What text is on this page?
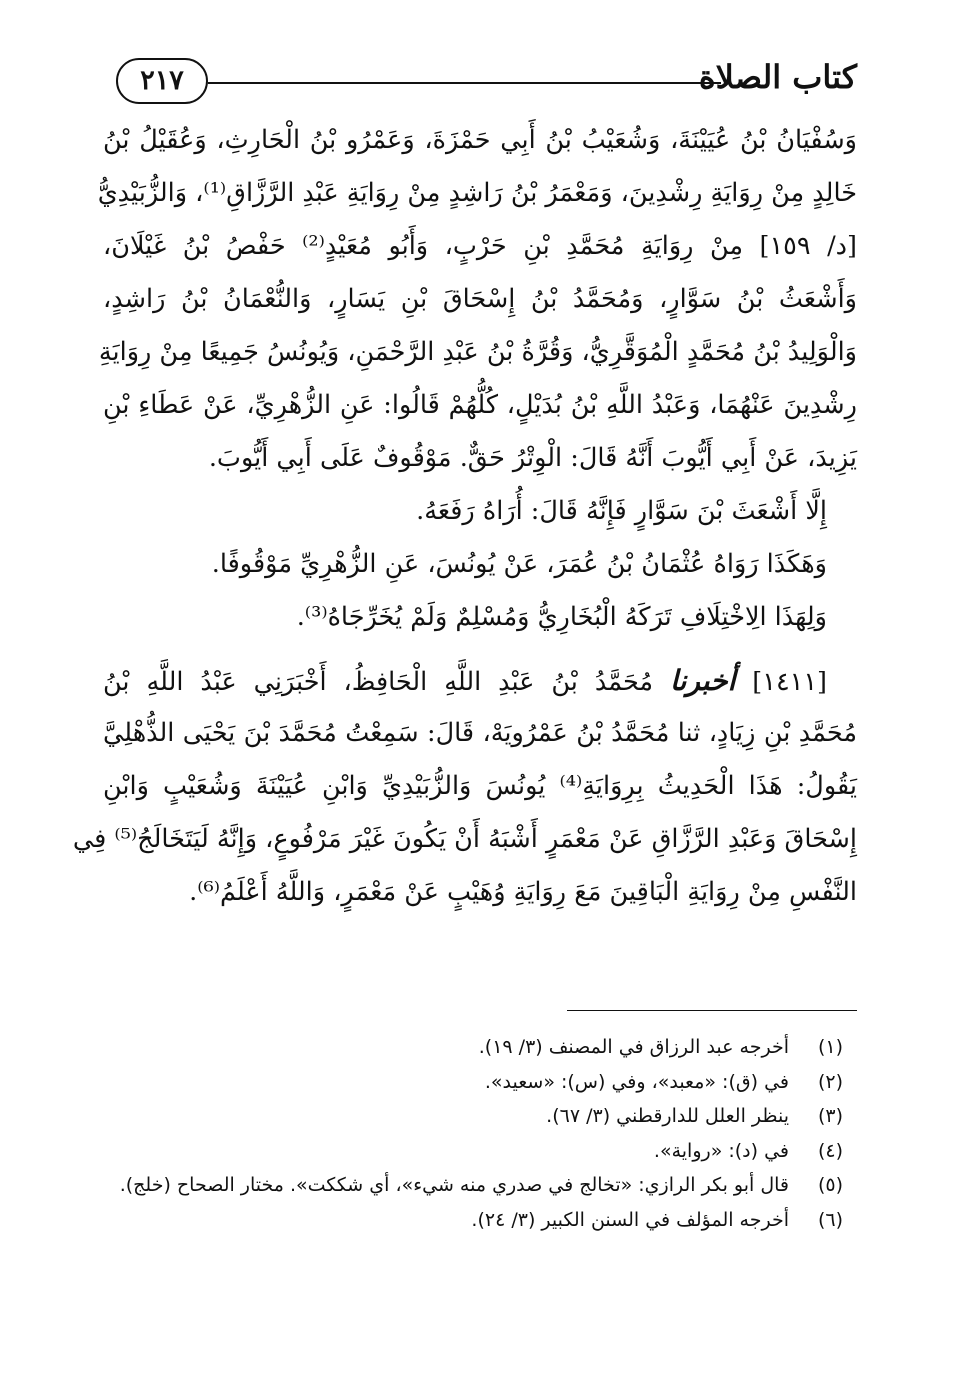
كتاب الصلاة
٢١٧
وَسُفْيَانُ بْنُ عُيَيْنَةَ، وَشُعَيْبُ بْنُ أَبِي حَمْزَةَ، وَعَمْرُو بْنُ الْحَارِثِ، وَعُقَيْلُ بْنُ
خَالِدٍ مِنْ رِوَايَةِ رِشْدِينَ، وَمَعْمَرُ بْنُ رَاشِدٍ مِنْ رِوَايَةِ عَبْدِ الرَّزَّاقِ⁽¹⁾، وَالزُّبَيْدِيُّ
[د/ ١٥٩] مِنْ رِوَايَةِ مُحَمَّدِ بْنِ حَرْبٍ، وَأَبُو مُعَيْدٍ⁽²⁾ حَفْصُ بْنُ غَيْلَانَ،
وَأَشْعَثُ بْنُ سَوَّارٍ، وَمُحَمَّدُ بْنُ إِسْحَاقَ بْنِ يَسَارٍ، وَالنُّعْمَانُ بْنُ رَاشِدٍ،
وَالْوَلِيدُ بْنُ مُحَمَّدٍ الْمُوَقَّرِيُّ، وَقُرَّةُ بْنُ عَبْدِ الرَّحْمَنِ، وَيُونُسُ جَمِيعًا مِنْ رِوَايَةِ
رِشْدِينَ عَنْهُمَا، وَعَبْدُ اللَّهِ بْنُ بُدَيْلٍ، كُلُّهُمْ قَالُوا: عَنِ الزُّهْرِيِّ، عَنْ عَطَاءِ بْنِ
يَزِيدَ، عَنْ أَبِي أَيُّوبَ أَنَّهُ قَالَ: الْوِتْرُ حَقٌّ. مَوْقُوفٌ عَلَى أَبِي أَيُّوبَ.
إِلَّا أَشْعَثَ بْنَ سَوَّارٍ فَإِنَّهُ قَالَ: أُرَاهُ رَفَعَهُ.
وَهَكَذَا رَوَاهُ عُثْمَانُ بْنُ عُمَرَ، عَنْ يُونُسَ، عَنِ الزُّهْرِيِّ مَوْقُوفًا.
وَلِهَذَا الِاخْتِلَافِ تَرَكَهُ الْبُخَارِيُّ وَمُسْلِمٌ وَلَمْ يُخَرِّجَاهُ⁽³⁾.
[١٤١١] أخبرنا مُحَمَّدُ بْنُ عَبْدِ اللَّهِ الْحَافِظُ، أَخْبَرَنِي عَبْدُ اللَّهِ بْنُ
مُحَمَّدِ بْنِ زِيَادٍ، ثنا مُحَمَّدُ بْنُ عَمْرُويَهْ، قَالَ: سَمِعْتُ مُحَمَّدَ بْنَ يَحْيَى الذُّهْلِيَّ
يَقُولُ: هَذَا الْحَدِيثُ بِرِوَايَةِ⁽⁴⁾ يُونُسَ وَالزُّبَيْدِيِّ وَابْنِ عُيَيْنَةَ وَشُعَيْبٍ وَابْنِ
إِسْحَاقَ وَعَبْدِ الرَّزَّاقِ عَنْ مَعْمَرٍ أَشْبَهُ أَنْ يَكُونَ غَيْرَ مَرْفُوعٍ، وَإِنَّهُ لَيَتَخَالَجُ⁽⁵⁾ فِي
النَّفْسِ مِنْ رِوَايَةِ الْبَاقِينَ مَعَ رِوَايَةِ وُهَيْبٍ عَنْ مَعْمَرٍ، وَاللَّهُ أَعْلَمُ⁽⁶⁾.
(١)أخرجه عبد الرزاق في المصنف (٣/ ١٩).
(٢)في (ق): «معبد»، وفي (س): «سعيد».
(٣)ينظر العلل للدارقطني (٣/ ٦٧).
(٤)في (د): «رواية».
(٥)قال أبو بكر الرازي: «تخالج في صدري منه شيء»، أي شككت». مختار الصحاح (خلج).
(٦)أخرجه المؤلف في السنن الكبير (٣/ ٢٤).
